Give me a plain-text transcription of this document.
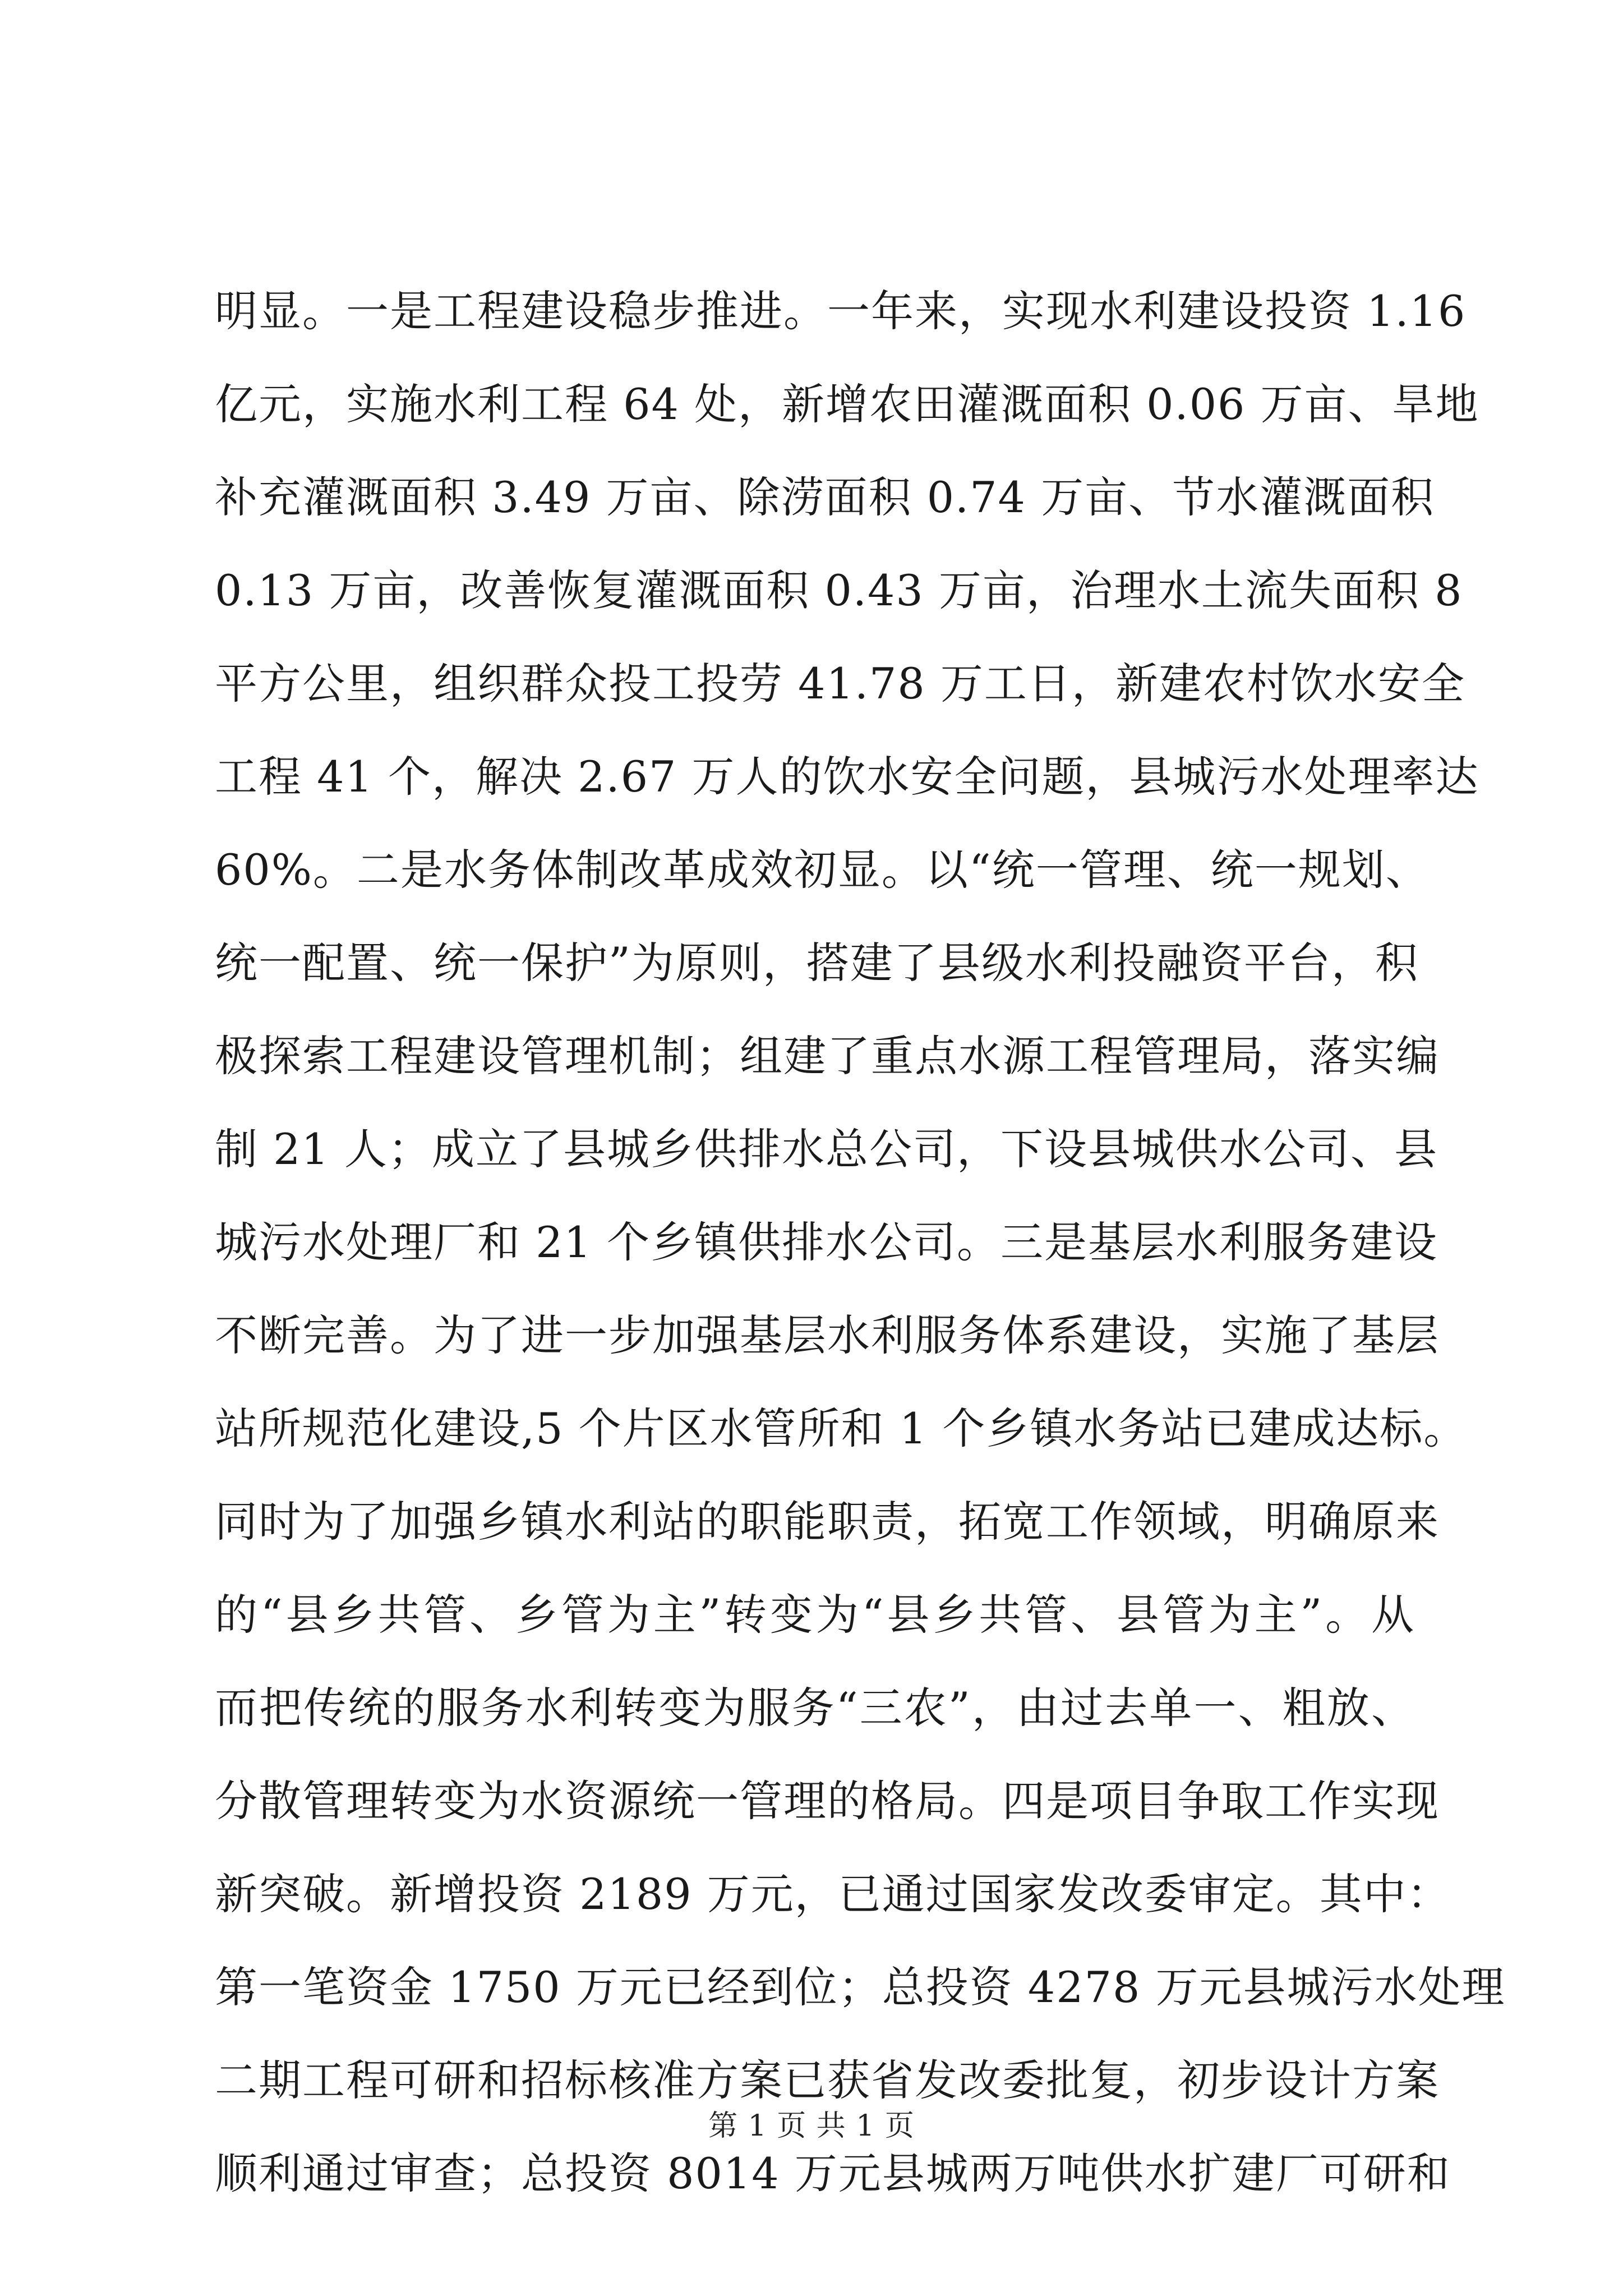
明显。一是工程建设稳步推进。一年来，实现水利建设投资 1.16
亿元，实施水利工程 64 处，新增农田灌溉面积 0.06 万亩、旱地
补充灌溉面积 3.49 万亩、除涝面积 0.74 万亩、节水灌溉面积
0.13 万亩，改善恢复灌溉面积 0.43 万亩，治理水土流失面积 8
平方公里，组织群众投工投劳 41.78 万工日，新建农村饮水安全
工程 41 个，解决 2.67 万人的饮水安全问题，县城污水处理率达
60%。二是水务体制改革成效初显。以“统一管理、统一规划、
统一配置、统一保护”为原则，搭建了县级水利投融资平台，积
极探索工程建设管理机制；组建了重点水源工程管理局，落实编
制 21 人；成立了县城乡供排水总公司，下设县城供水公司、县
城污水处理厂和 21 个乡镇供排水公司。三是基层水利服务建设
不断完善。为了进一步加强基层水利服务体系建设，实施了基层
站所规范化建设,5 个片区水管所和 1 个乡镇水务站已建成达标。
同时为了加强乡镇水利站的职能职责，拓宽工作领域，明确原来
的“县乡共管、乡管为主”转变为“县乡共管、县管为主”。从
而把传统的服务水利转变为服务“三农”，由过去单一、粗放、
分散管理转变为水资源统一管理的格局。四是项目争取工作实现
新突破。新增投资 2189 万元，已通过国家发改委审定。其中：
第一笔资金 1750 万元已经到位；总投资 4278 万元县城污水处理
二期工程可研和招标核准方案已获省发改委批复，初步设计方案
顺利通过审查；总投资 8014 万元县城两万吨供水扩建厂可研和
第 1 页 共 1 页
